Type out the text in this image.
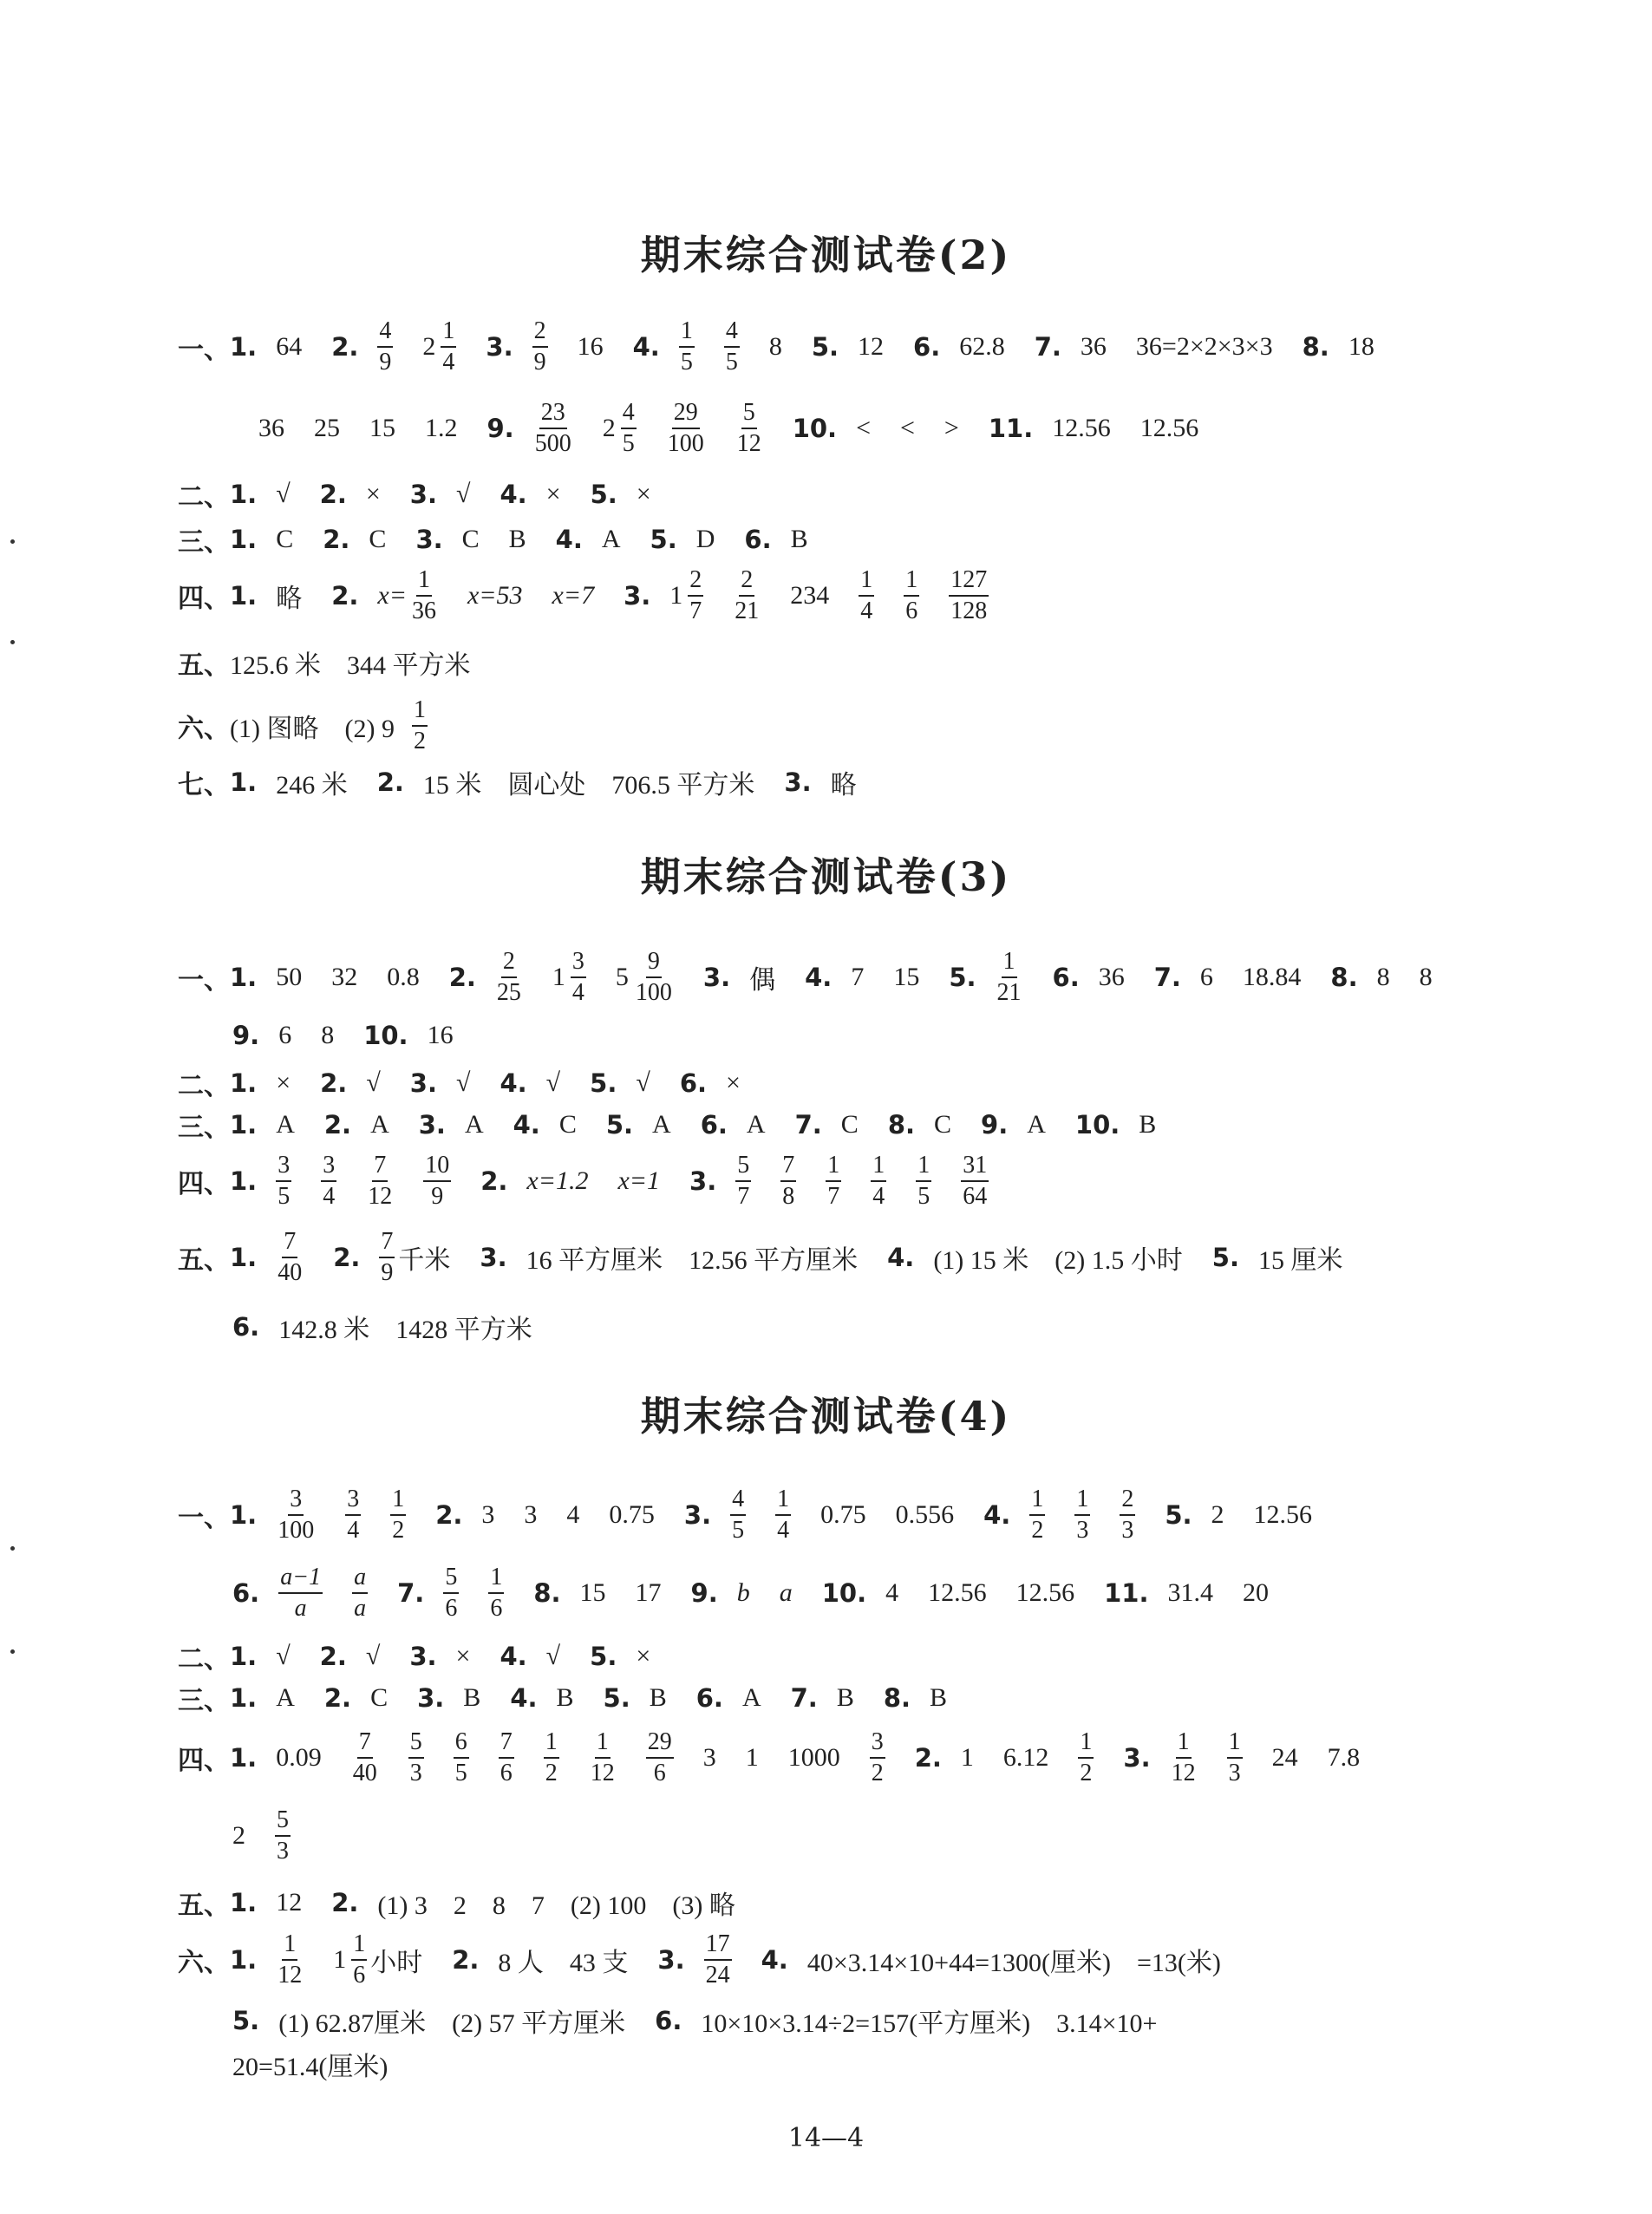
期末综合测试卷(2)
一、 1. 64 2. $\frac{4}{9} 2 \frac{1}{4} 3$. $\frac{2}{9} 16$ 4. $\frac{1}{5} \frac{4}{5} 8$ 5. 12 6. 62.8 7. 36 36=2×2×3×3 8. 18
36 25 15 1.2 9. $\frac{23}{500} 2 \frac{4}{5} \frac{29}{100} \frac{5}{12} 10$. < < > 11. 12.56 12.56
二、 1. √ 2. × 3. √ 4. × 5. ×
三、 1. C 2. C 3. C B 4. A 5. D 6. B
四、 1. 略 2. $x= \frac{1}{36} x=53$ x=7 3. $1 \frac{2}{7} \frac{2}{21} 234 \frac{1}{4} \frac{1}{6} \frac{127}{128}$
五、 125.6 米　344 平方米
六、 (1) 图略　(2) $9 \frac{1}{2}$
七、 1. 246 米 2. 15 米　圆心处　706.5 平方米 3. 略
期末综合测试卷(3)
一、 1. 50 32 0.8 2. $\frac{2}{25} 1 \frac{3}{4} 5 \frac{9}{100} 3$. 偶 4. 7 15 5. $\frac{1}{21} 6$. 36 7. 6 18.84 8. 8 8
9. 6 8 10. 16
二、 1. × 2. √ 3. √ 4. √ 5. √ 6. ×
三、 1. A 2. A 3. A 4. C 5. A 6. A 7. C 8. C 9. A 10. B
四、 1. $\frac{3}{5} \frac{3}{4} \frac{7}{12} \frac{10}{9} 2$. x=1.2 x=1 3. $\frac{5}{7} \frac{7}{8} \frac{1}{7} \frac{1}{4} \frac{1}{5} \frac{31}{64}$
五、 1. $\frac{7}{40} 2$. $\frac{7}{9}$ 千米 3. 16 平方厘米　12.56 平方厘米 4. (1) 15 米　(2) 1.5 小时 5. 15 厘米
6. 142.8 米　1428 平方米
期末综合测试卷(4)
一、 1. $\frac{3}{100} \frac{3}{4} \frac{1}{2} 2$. 3 3 4 0.75 3. $\frac{4}{5} \frac{1}{4} 0.75$ 0.556 4. $\frac{1}{2} \frac{1}{3} \frac{2}{3} 5$. 2 12.56
6. $\frac{a-1}{a} \frac{a}{a} 7$. $\frac{5}{6} \frac{1}{6} 8$. 15 17 9. b a 10. 4 12.56 12.56 11. 31.4 20
二、 1. √ 2. √ 3. × 4. √ 5. ×
三、 1. A 2. C 3. B 4. B 5. B 6. A 7. B 8. B
四、 1. $0.09 \frac{7}{40} \frac{5}{3} \frac{6}{5} \frac{7}{6} \frac{1}{2} \frac{1}{12} \frac{29}{6} 3$ 1 $1000 \frac{3}{2} 2$. 1 $6.12 \frac{1}{2} 3$. $\frac{1}{12} \frac{1}{3} 24$ 7.8
$2 \frac{5}{3}$
五、 1. 12 2. (1) 3　2　8　7　(2) 100　(3) 略
六、 1. $\frac{1}{12} 1 \frac{1}{6}$ 小时 2. 8 人　43 支 3. $\frac{17}{24} 4$. 40×3.14×10+44=1300(厘米)　=13(米)
5. (1) 62.87厘米　(2) 57 平方厘米 6. 10×10×3.14÷2=157(平方厘米)　3.14×10+
20=51.4(厘米)
14—4
